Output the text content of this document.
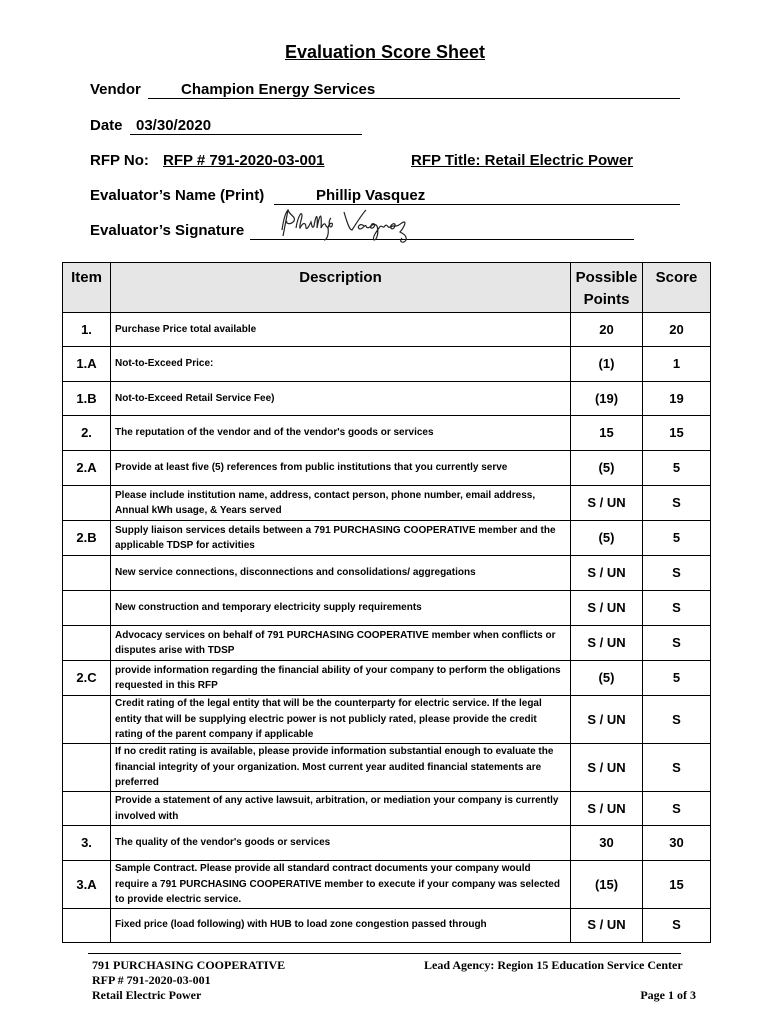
Evaluation Score Sheet
Vendor	Champion Energy Services
Date 03/30/2020
RFP No: RFP # 791-2020-03-001	RFP Title: Retail Electric Power
Evaluator’s Name (Print)	Phillip Vasquez
Evaluator’s Signature
Item	Description	Possible Points	Score
1.	Purchase Price total available	20	20
1.A	Not-to-Exceed Price:	(1)	1
1.B	Not-to-Exceed Retail Service Fee)	(19)	19
2.	The reputation of the vendor and of the vendor's goods or services	15	15
2.A	Provide at least five (5) references from public institutions that you currently serve	(5)	5
	Please include institution name, address, contact person, phone number, email address, Annual kWh usage, & Years served	S / UN	S
2.B	Supply liaison services details between a 791 PURCHASING COOPERATIVE member and the applicable TDSP for activities	(5)	5
	New service connections, disconnections and consolidations/ aggregations	S / UN	S
	New construction and temporary electricity supply requirements	S / UN	S
	Advocacy services on behalf of 791 PURCHASING COOPERATIVE member when conflicts or disputes arise with TDSP	S / UN	S
2.C	provide information regarding the financial ability of your company to perform the obligations requested in this RFP	(5)	5
	Credit rating of the legal entity that will be the counterparty for electric service. If the legal entity that will be supplying electric power is not publicly rated, please provide the credit rating of the parent company if applicable	S / UN	S
	If no credit rating is available, please provide information substantial enough to evaluate the financial integrity of your organization. Most current year audited financial statements are preferred	S / UN	S
	Provide a statement of any active lawsuit, arbitration, or mediation your company is currently involved with	S / UN	S
3.	The quality of the vendor's goods or services	30	30
3.A	Sample Contract. Please provide all standard contract documents your company would require a 791 PURCHASING COOPERATIVE member to execute if your company was selected to provide electric service.	(15)	15
	Fixed price (load following) with HUB to load zone congestion passed through	S / UN	S
791 PURCHASING COOPERATIVE
RFP # 791-2020-03-001
Retail Electric Power
Lead Agency: Region 15 Education Service Center
Page 1 of 3
